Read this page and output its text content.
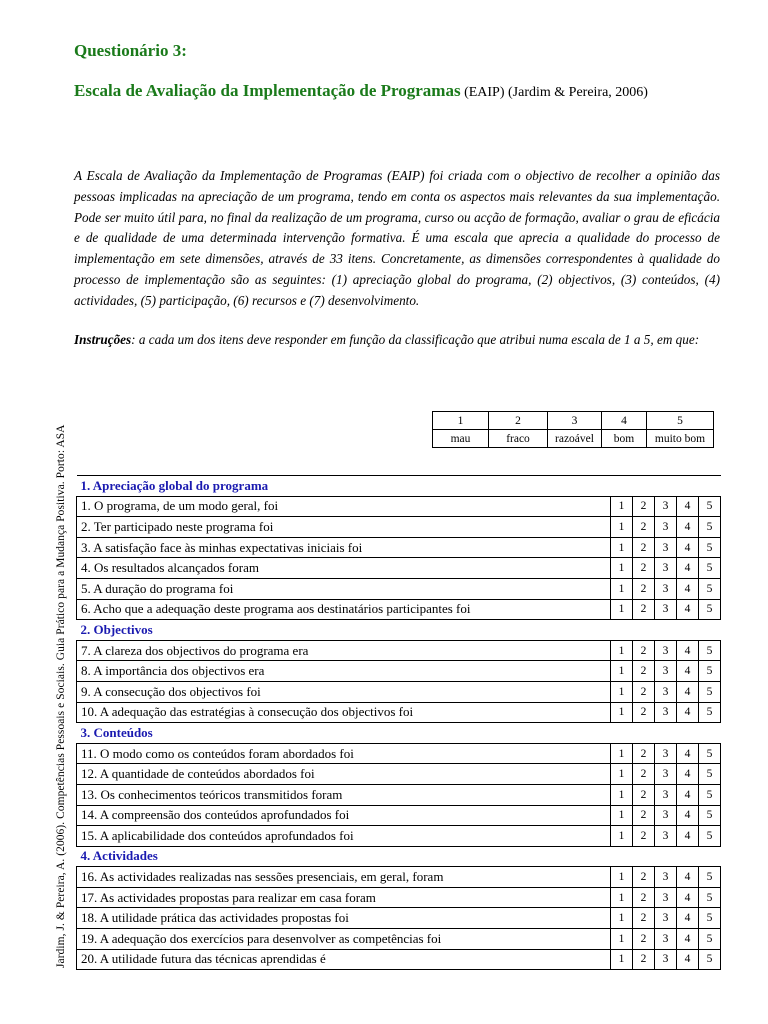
Questionário 3:
Escala de Avaliação da Implementação de Programas (EAIP) (Jardim & Pereira, 2006)
A Escala de Avaliação da Implementação de Programas (EAIP) foi criada com o objectivo de recolher a opinião das pessoas implicadas na apreciação de um programa, tendo em conta os aspectos mais relevantes da sua implementação. Pode ser muito útil para, no final da realização de um programa, curso ou acção de formação, avaliar o grau de eficácia e de qualidade de uma determinada intervenção formativa. É uma escala que aprecia a qualidade do processo de implementação em sete dimensões, através de 33 itens. Concretamente, as dimensões correspondentes à qualidade do processo de implementação são as seguintes: (1) apreciação global do programa, (2) objectivos, (3) conteúdos, (4) actividades, (5) participação, (6) recursos e (7) desenvolvimento.
Instruções: a cada um dos itens deve responder em função da classificação que atribui numa escala de 1 a 5, em que:
Jardim, J. & Pereira, A. (2006). Competências Pessoais e Sociais. Guia Prático para a Mudança Positiva. Porto: ASA
1	2	3	4	5
mau	fraco	razoável	bom	muito bom
1. Apreciação global do programa					
1. O programa, de um modo geral, foi	1	2	3	4	5
2. Ter participado neste programa foi	1	2	3	4	5
3. A satisfação face às minhas expectativas iniciais foi	1	2	3	4	5
4. Os resultados alcançados foram	1	2	3	4	5
5. A duração do programa foi	1	2	3	4	5
6. Acho que a adequação deste programa aos destinatários participantes foi	1	2	3	4	5
2. Objectivos					
7. A clareza dos objectivos do programa era	1	2	3	4	5
8. A importância dos objectivos era	1	2	3	4	5
9. A consecução dos objectivos foi	1	2	3	4	5
10. A adequação das estratégias à consecução dos objectivos foi	1	2	3	4	5
3. Conteúdos					
11. O modo como os conteúdos foram abordados foi	1	2	3	4	5
12. A quantidade de conteúdos abordados foi	1	2	3	4	5
13. Os conhecimentos teóricos transmitidos foram	1	2	3	4	5
14. A compreensão dos conteúdos aprofundados foi	1	2	3	4	5
15. A aplicabilidade dos conteúdos aprofundados foi	1	2	3	4	5
4. Actividades					
16. As actividades realizadas nas sessões presenciais, em geral, foram	1	2	3	4	5
17. As actividades propostas para realizar em casa foram	1	2	3	4	5
18. A utilidade prática das actividades propostas foi	1	2	3	4	5
19. A adequação dos exercícios para desenvolver as competências foi	1	2	3	4	5
20. A utilidade futura das técnicas aprendidas é	1	2	3	4	5
